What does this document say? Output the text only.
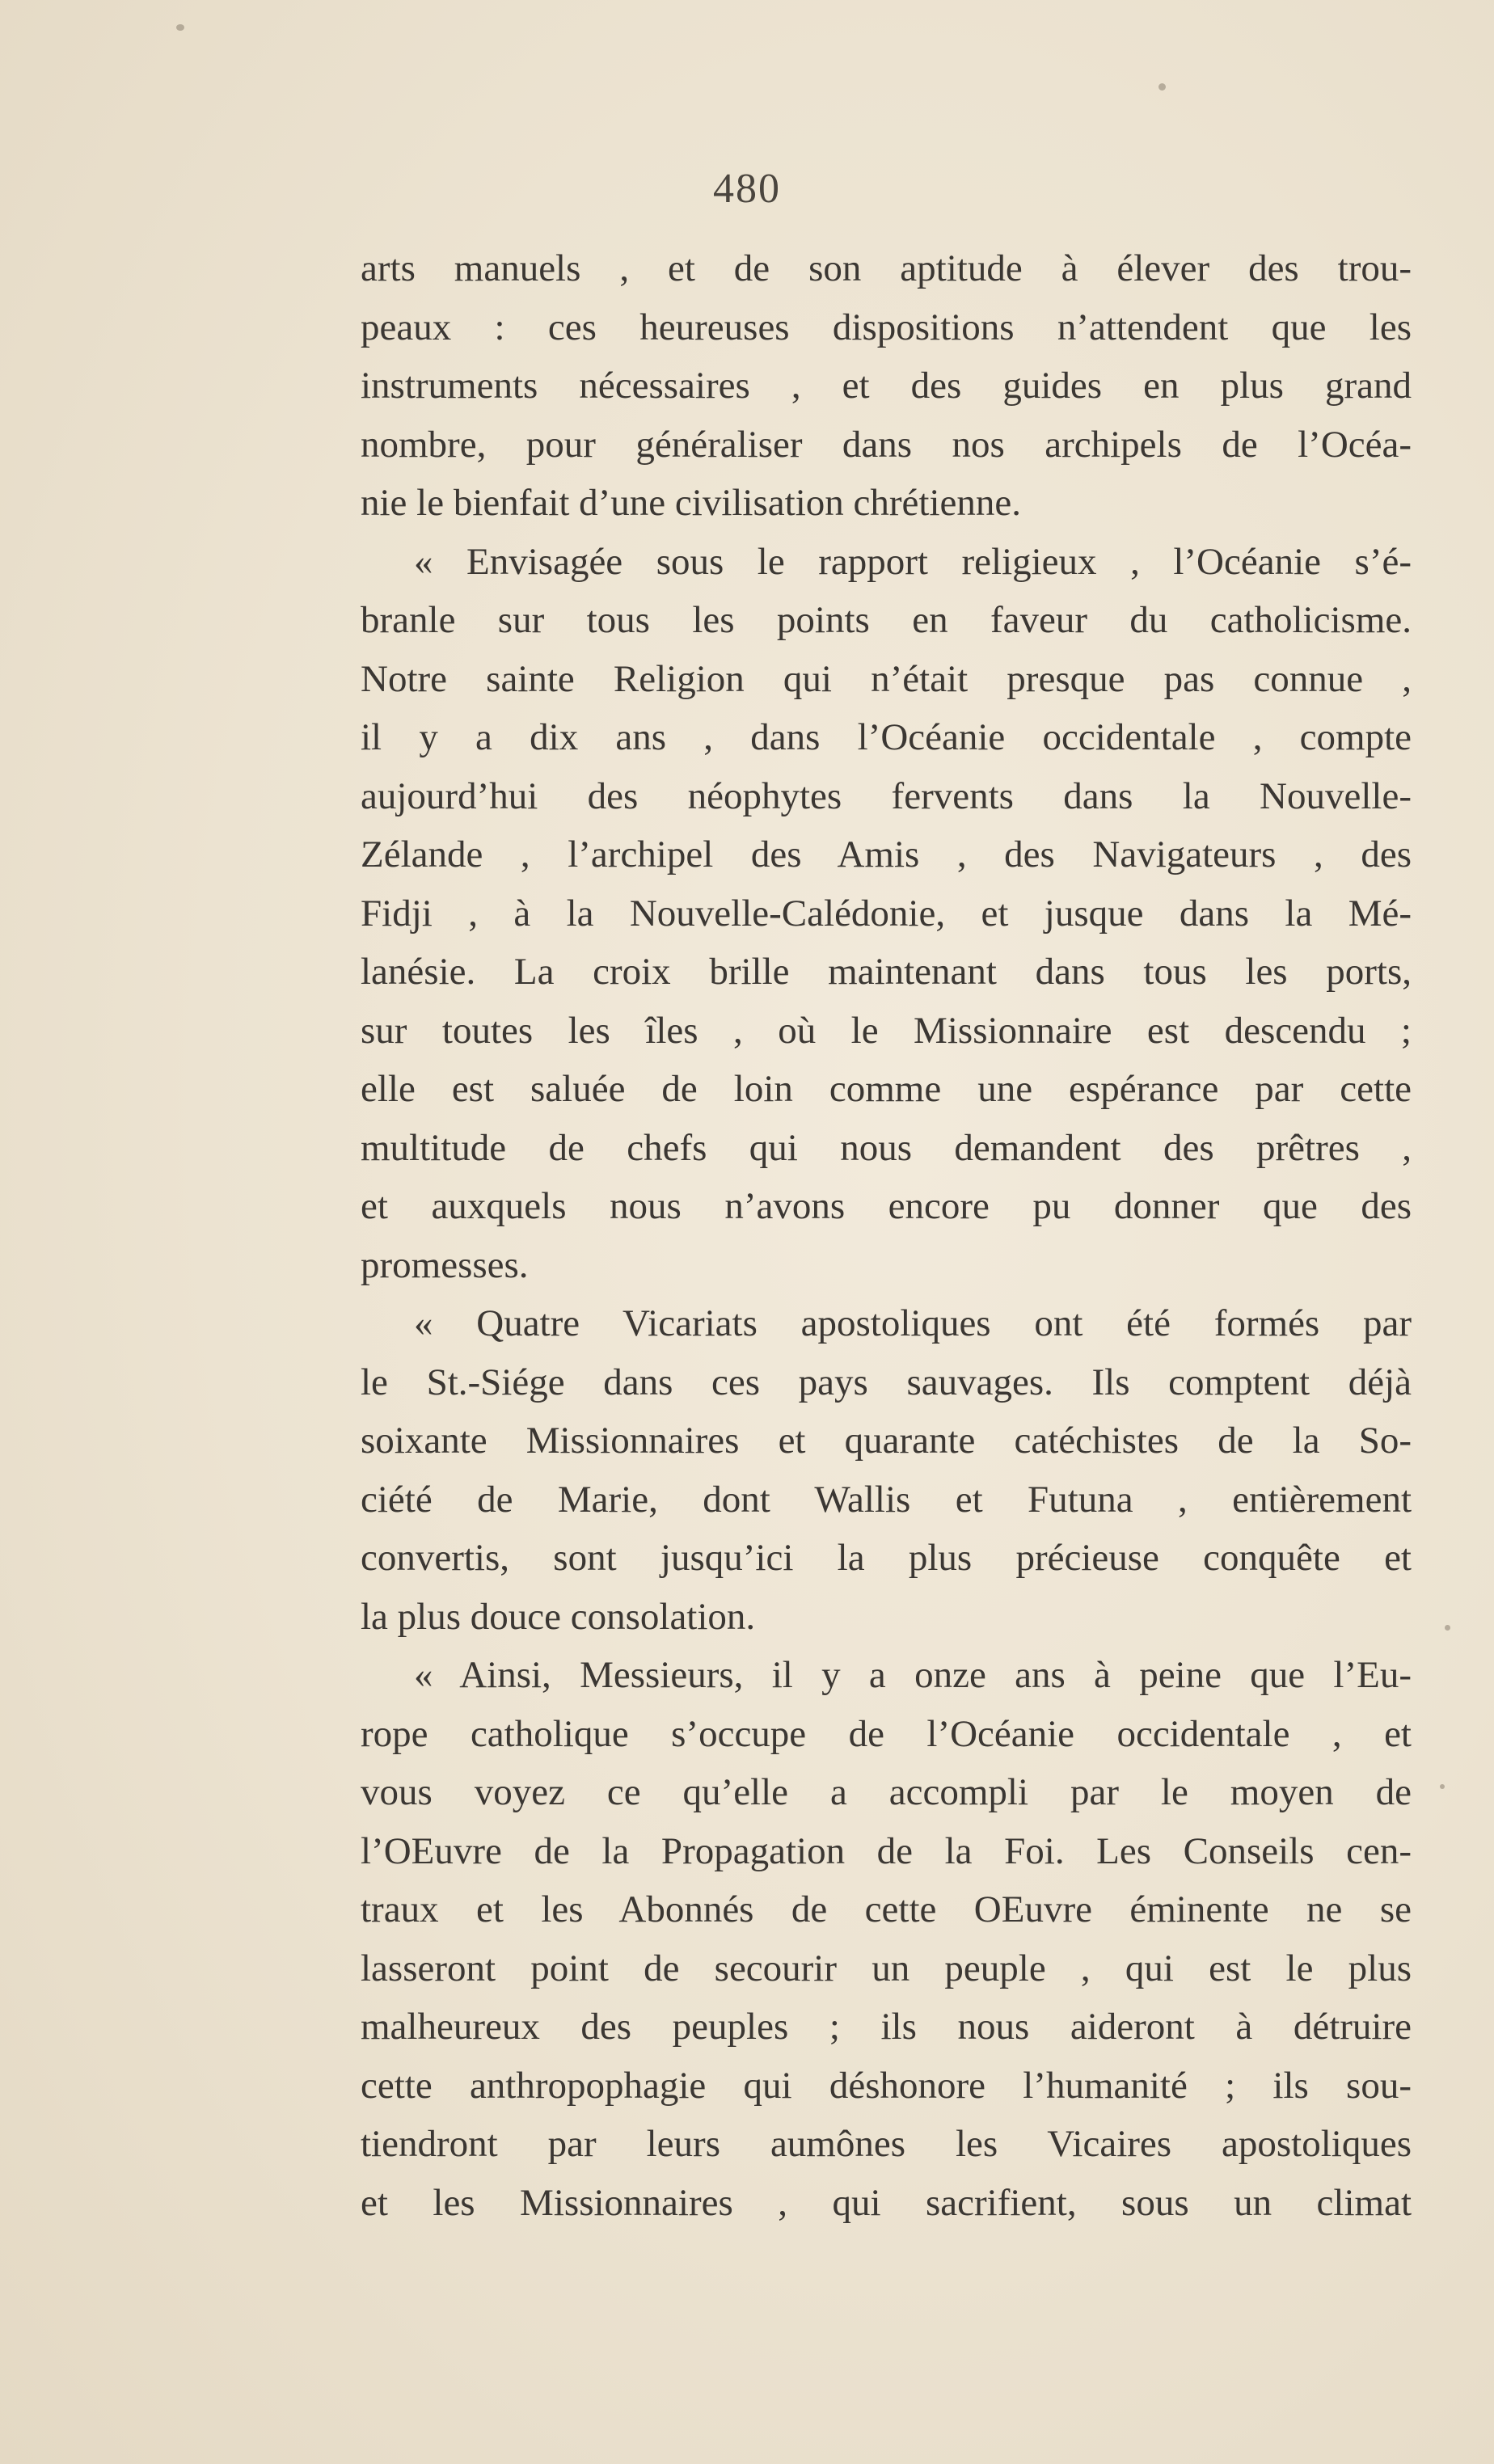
480
arts manuels , et de son aptitude à élever des trou-
peaux : ces heureuses dispositions n’attendent que les
instruments nécessaires , et des guides en plus grand
nombre, pour généraliser dans nos archipels de l’Océa-
nie le bienfait d’une civilisation chrétienne.
« Envisagée sous le rapport religieux , l’Océanie s’é-
branle sur tous les points en faveur du catholicisme.
Notre sainte Religion qui n’était presque pas connue ,
il y a dix ans , dans l’Océanie occidentale , compte
aujourd’hui des néophytes fervents dans la Nouvelle-
Zélande , l’archipel des Amis , des Navigateurs , des
Fidji , à la Nouvelle-Calédonie, et jusque dans la Mé-
lanésie. La croix brille maintenant dans tous les ports,
sur toutes les îles , où le Missionnaire est descendu ;
elle est saluée de loin comme une espérance par cette
multitude de chefs qui nous demandent des prêtres ,
et auxquels nous n’avons encore pu donner que des
promesses.
« Quatre Vicariats apostoliques ont été formés par
le St.-Siége dans ces pays sauvages. Ils comptent déjà
soixante Missionnaires et quarante catéchistes de la So-
ciété de Marie, dont Wallis et Futuna , entièrement
convertis, sont jusqu’ici la plus précieuse conquête et
la plus douce consolation.
« Ainsi, Messieurs, il y a onze ans à peine que l’Eu-
rope catholique s’occupe de l’Océanie occidentale , et
vous voyez ce qu’elle a accompli par le moyen de
l’OEuvre de la Propagation de la Foi. Les Conseils cen-
traux et les Abonnés de cette OEuvre éminente ne se
lasseront point de secourir un peuple , qui est le plus
malheureux des peuples ; ils nous aideront à détruire
cette anthropophagie qui déshonore l’humanité ; ils sou-
tiendront par leurs aumônes les Vicaires apostoliques
et les Missionnaires , qui sacrifient, sous un climat
